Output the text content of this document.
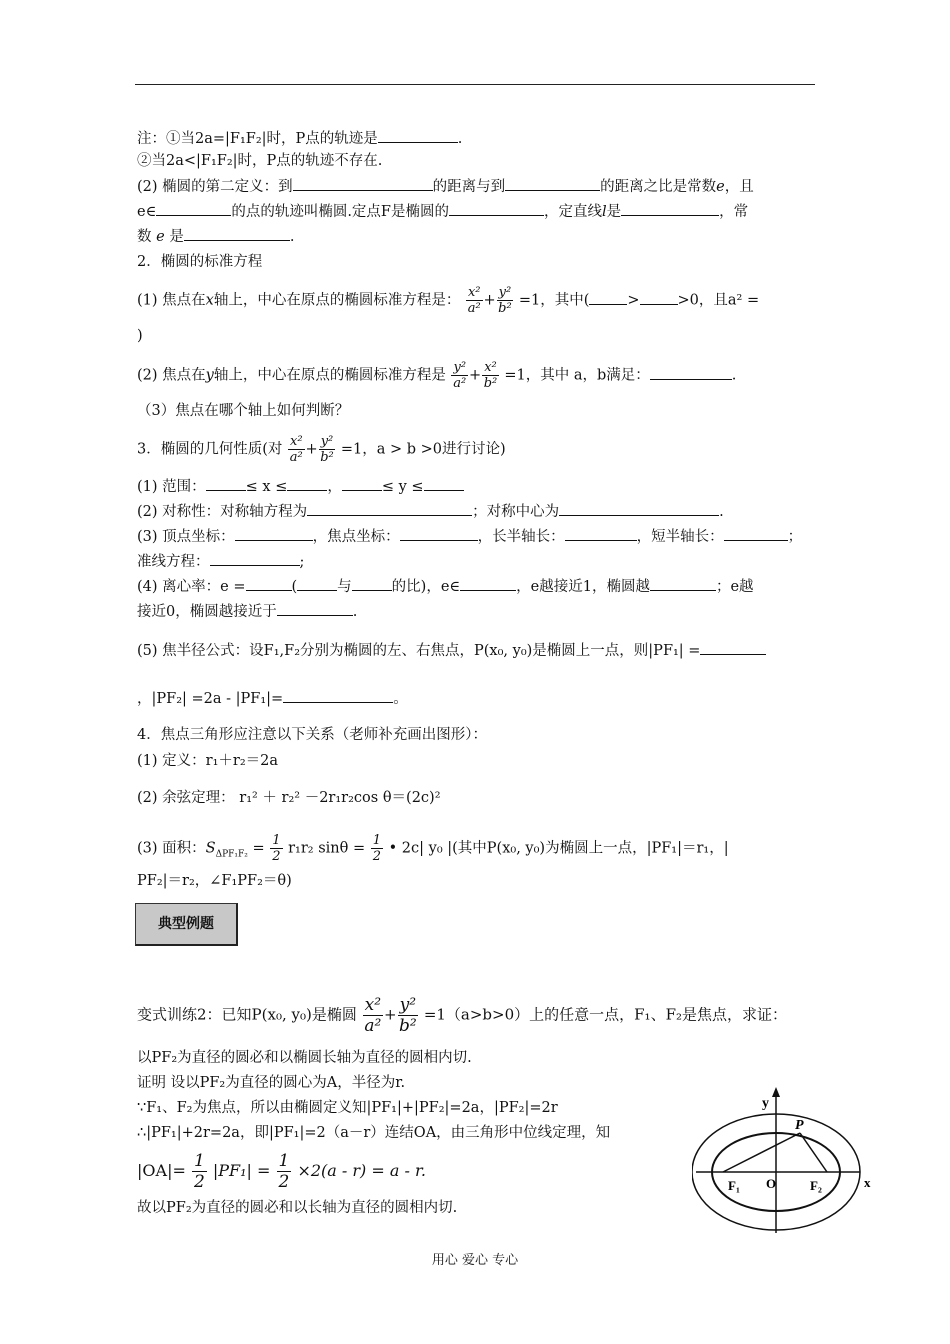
注：①当2a=|F₁F₂|时，P点的轨迹是	.
②当2a<|F₁F₂|时，P点的轨迹不存在.
(2) 椭圆的第二定义：到	的距离与到	的距离之比是常数e，且
e∈	的点的轨迹叫椭圆.定点F是椭圆的	，定直线l是	，常
数 e 是	.
2．椭圆的标准方程
(1) 焦点在x轴上，中心在原点的椭圆标准方程是： $\frac{\text{x²}}{\text{a²}} + \frac{\text{y²}}{\text{b²}} =1$，其中(	>	>0，且a² =
)
(2) 焦点在y轴上，中心在原点的椭圆标准方程是 $\frac{\text{y²}}{\text{a²}} + \frac{\text{x²}}{\text{b²}} =1$，其中 a，b满足：	.
（3）焦点在哪个轴上如何判断？
3．椭圆的几何性质(对 $\frac{\text{x²}}{\text{a²}} + \frac{\text{y²}}{\text{b²}} =1$，a > b >0进行讨论)
(1) 范围：	≤ x ≤	，	≤ y ≤
(2) 对称性：对称轴方程为	；对称中心为	.
(3) 顶点坐标：	，焦点坐标：	，长半轴长：	，短半轴长：	；
准线方程：	;
(4) 离心率：e =	(	与	的比)，e∈	，e越接近1，椭圆越	；e越
接近0，椭圆越接近于	.
(5) 焦半径公式：设F₁,F₂分别为椭圆的左、右焦点，P(x₀, y₀)是椭圆上一点，则|PF₁| =
，|PF₂| =2a - |PF₁|=	。
4．焦点三角形应注意以下关系（老师补充画出图形）：
(1) 定义：r₁＋r₂＝2a
(2) 余弦定理： r₁² ＋ r₂² －2r₁r₂cos θ＝(2c)²
(3) 面积：$S_{\Delta PF_1F_2} = \frac{1}{2} r_1r_2$ $\sin\theta = \frac{1}{2}$ • 2c| y₀ |(其中P(x₀, y₀)为椭圆上一点，|PF₁|＝r₁，|
PF₂|＝r₂，∠F₁PF₂＝θ)
典型例题
变式训练2：已知P(x₀, y₀)是椭圆 $\frac{\text{x²}}{\text{a²}} + \frac{\text{y²}}{\text{b²}} =1(a>b>0)$上的任意一点，F₁、F₂是焦点，求证：
以PF₂为直径的圆必和以椭圆长轴为直径的圆相内切.
证明 设以PF₂为直径的圆心为A，半径为r.
∵F₁、F₂为焦点，所以由椭圆定义知|PF₁|+|PF₂|=2a，|PF₂|=2r
∴|PF₁|+2r=2a，即|PF₁|=2（a－r）连结OA，由三角形中位线定理，知
$|OA|= \frac{1}{2} |PF_1| = \frac{1}{2} \times 2(a - r) = a - r$.
故以PF₂为直径的圆必和以长轴为直径的圆相内切.
y
x
P
F₁ O	F₂
用心 爱心 专心
